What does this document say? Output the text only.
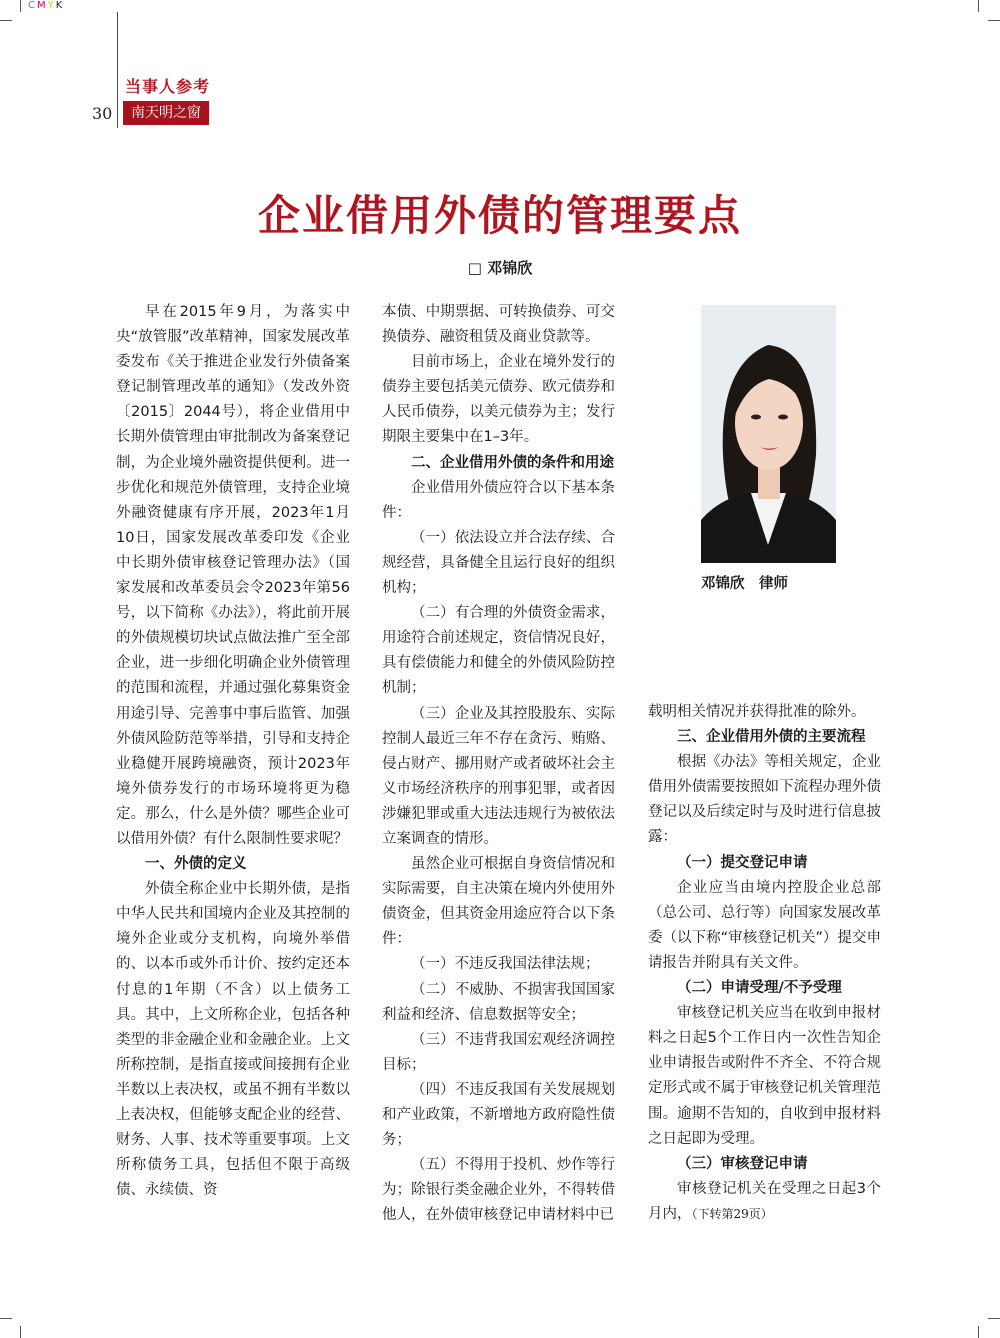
CMYK
当事人参考
30	南天明之窗
企业借用外债的管理要点
□ 邓锦欣

早在2015年9月，为落实中央“放管服”改革精神，国家发展改革委发布《关于推进企业发行外债备案登记制管理改革的通知》（发改外资〔2015〕2044号），将企业借用中长期外债管理由审批制改为备案登记制，为企业境外融资提供便利。进一步优化和规范外债管理，支持企业境外融资健康有序开展，2023年1月10日，国家发展改革委印发《企业中长期外债审核登记管理办法》（国家发展和改革委员会令2023年第56号，以下简称《办法》），将此前开展的外债规模切块试点做法推广至全部企业，进一步细化明确企业外债管理的范围和流程，并通过强化募集资金用途引导、完善事中事后监管、加强外债风险防范等举措，引导和支持企业稳健开展跨境融资，预计2023年境外债券发行的市场环境将更为稳定。那么，什么是外债？哪些企业可以借用外债？有什么限制性要求呢？

一、外债的定义

外债全称企业中长期外债，是指中华人民共和国境内企业及其控制的境外企业或分支机构，向境外举借的、以本币或外币计价、按约定还本付息的1年期（不含）以上债务工具。其中，上文所称企业，包括各种类型的非金融企业和金融企业。上文所称控制，是指直接或间接拥有企业半数以上表决权，或虽不拥有半数以上表决权，但能够支配企业的经营、财务、人事、技术等重要事项。上文所称债务工具，包括但不限于高级债、永续债、资

本债、中期票据、可转换债券、可交换债券、融资租赁及商业贷款等。

目前市场上，企业在境外发行的债券主要包括美元债券、欧元债券和人民币债券，以美元债券为主；发行期限主要集中在1–3年。

二、企业借用外债的条件和用途

企业借用外债应符合以下基本条件：

（一）依法设立并合法存续、合规经营，具备健全且运行良好的组织机构；

（二）有合理的外债资金需求，用途符合前述规定，资信情况良好，具有偿债能力和健全的外债风险防控机制；

（三）企业及其控股股东、实际控制人最近三年不存在贪污、贿赂、侵占财产、挪用财产或者破坏社会主义市场经济秩序的刑事犯罪，或者因涉嫌犯罪或重大违法违规行为被依法立案调查的情形。

虽然企业可根据自身资信情况和实际需要，自主决策在境内外使用外债资金，但其资金用途应符合以下条件：

（一）不违反我国法律法规；

（二）不威胁、不损害我国国家利益和经济、信息数据等安全；

（三）不违背我国宏观经济调控目标；

（四）不违反我国有关发展规划和产业政策，不新增地方政府隐性债务；

（五）不得用于投机、炒作等行为；除银行类金融企业外，不得转借他人，在外债审核登记申请材料中已

邓锦欣　律师

载明相关情况并获得批准的除外。

三、企业借用外债的主要流程

根据《办法》等相关规定，企业借用外债需要按照如下流程办理外债登记以及后续定时与及时进行信息披露：

（一）提交登记申请

企业应当由境内控股企业总部（总公司、总行等）向国家发展改革委（以下称“审核登记机关”）提交申请报告并附具有关文件。

（二）申请受理/不予受理

审核登记机关应当在收到申报材料之日起5个工作日内一次性告知企业申请报告或附件不齐全、不符合规定形式或不属于审核登记机关管理范围。逾期不告知的，自收到申报材料之日起即为受理。

（三）审核登记申请

审核登记机关在受理之日起3个月内，（下转第29页）
